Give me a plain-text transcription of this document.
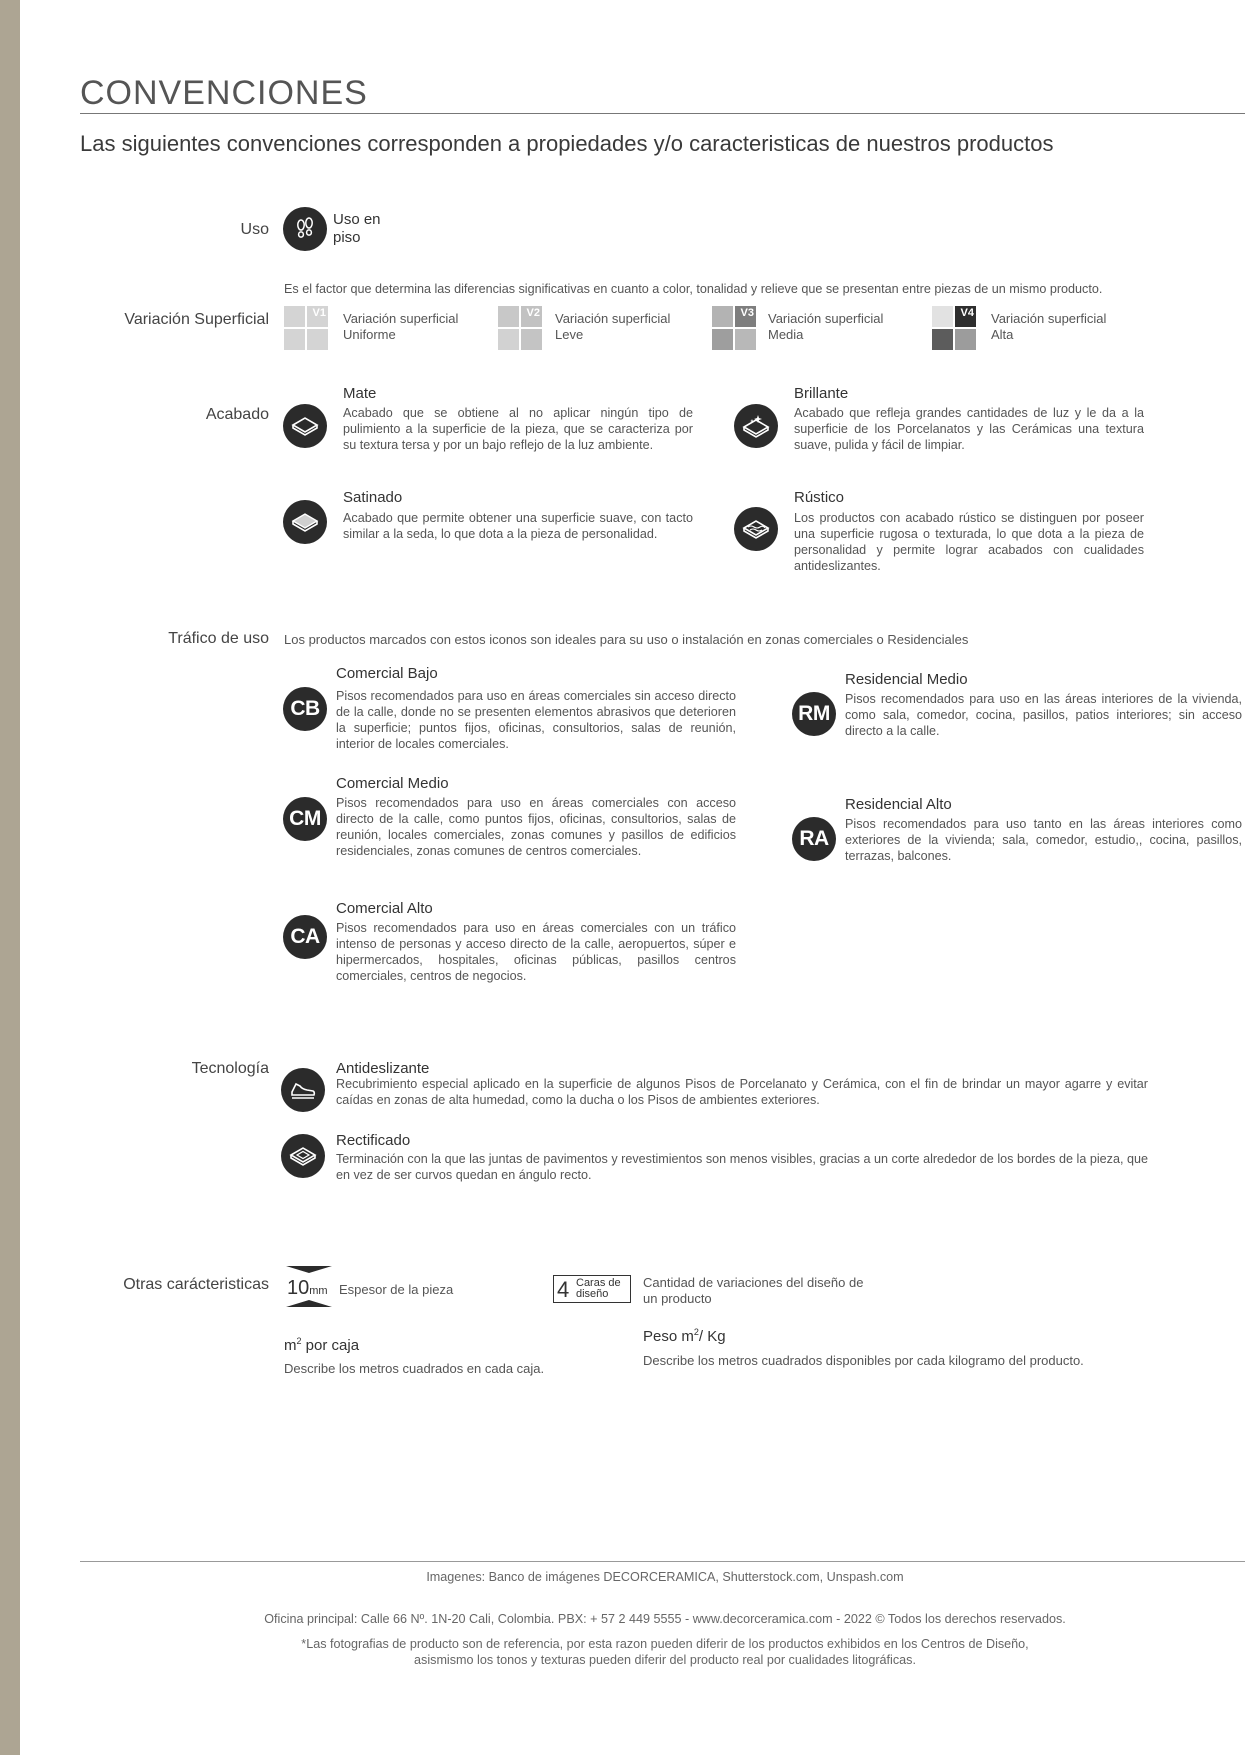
CONVENCIONES
Las siguientes convenciones corresponden a propiedades y/o caracteristicas de nuestros productos
Uso
Uso en
piso
Es el factor que determina las diferencias significativas en cuanto a color, tonalidad y relieve que se presentan entre piezas de un mismo producto.
Variación Superficial	V1 Variación superficial
Uniforme
V2 Variación superficial
Leve
V3 Variación superficial
Media
V4 Variación superficial
Alta
Acabado
Mate
Acabado que se obtiene al no aplicar ningún tipo de pulimiento a la superficie de la pieza, que se caracteriza por su textura tersa y por un bajo reflejo de la luz ambiente.
Brillante
Acabado que refleja grandes cantidades de luz y le da a la superficie de los Porcelanatos y las Cerámicas una textura suave, pulida y fácil de limpiar.
Satinado
Acabado que permite obtener una superficie suave, con tacto similar a la seda, lo que dota a la pieza de personalidad.
Rústico
Los productos con acabado rústico se distinguen por poseer una superficie rugosa o texturada, lo que dota a la pieza de personalidad y permite lograr acabados con cualidades antideslizantes.
Tráfico de uso Los productos marcados con estos iconos son ideales para su uso o instalación en zonas comerciales o Residenciales
CB
Comercial Bajo
Pisos recomendados para uso en áreas comerciales sin acceso directo de la calle, donde no se presenten elementos abrasivos que deterioren la superficie; puntos fijos, oficinas, consultorios, salas de reunión, interior de locales comerciales.
CM
Comercial Medio
Pisos recomendados para uso en áreas comerciales con acceso directo de la calle, como puntos fijos, oficinas, consultorios, salas de reunión, locales comerciales, zonas comunes y pasillos de edificios residenciales, zonas comunes de centros comerciales.
CA
Comercial Alto
Pisos recomendados para uso en áreas comerciales con un tráfico intenso de personas y acceso directo de la calle, aeropuertos, súper e hipermercados, hospitales, oficinas públicas, pasillos centros comerciales, centros de negocios.
RM
Residencial Medio
Pisos recomendados para uso en las áreas interiores de la vivienda, como sala, comedor, cocina, pasillos, patios interiores; sin acceso directo a la calle.
RA
Residencial Alto
Pisos recomendados para uso tanto en las áreas interiores como exteriores de la vivienda; sala, comedor, estudio,, cocina, pasillos, terrazas, balcones.
Tecnología	Antideslizante
Recubrimiento especial aplicado en la superficie de algunos Pisos de Porcelanato y Cerámica, con el fin de brindar un mayor agarre y evitar caídas en zonas de alta humedad, como la ducha o los Pisos de ambientes exteriores.
Rectificado
Terminación con la que las juntas de pavimentos y revestimientos son menos visibles, gracias a un corte alrededor de los bordes de la pieza, que en vez de ser curvos quedan en ángulo recto.
Otras carácteristicas 10mm Espesor de la pieza	4 Caras de
diseño
Cantidad de variaciones del diseño de
un producto
$m^2$ por caja
Describe los metros cuadrados en cada caja.
Peso $m^2/$ Kg
Describe los metros cuadrados disponibles por cada kilogramo del producto.
Imagenes: Banco de imágenes DECORCERAMICA, Shutterstock.com, Unspash.com
Oficina principal: Calle 66 Nº. 1N-20 Cali, Colombia. PBX: + 57 2 449 5555 - www.decorceramica.com - 2022 © Todos los derechos reservados.
*Las fotografias de producto son de referencia, por esta razon pueden diferir de los productos exhibidos en los Centros de Diseño,
asismismo los tonos y texturas pueden diferir del producto real por cualidades litográficas.
